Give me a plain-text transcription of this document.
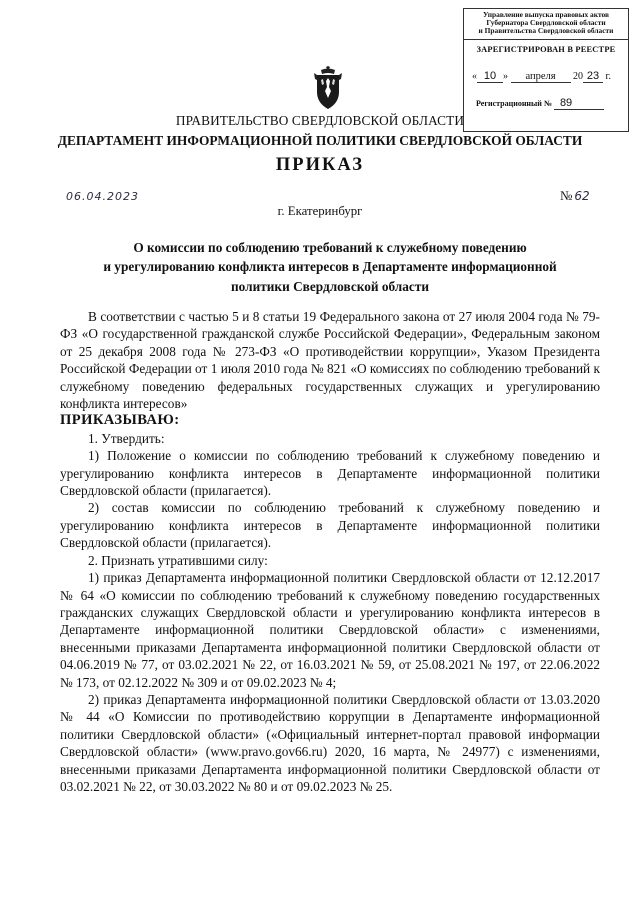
Управление выпуска правовых актов
Губернатора Свердловской области
и Правительства Свердловской области
ЗАРЕГИСТРИРОВАН В РЕЕСТРЕ
« 10 » апреля 20 23 г.
Регистрационный № 89
ПРАВИТЕЛЬСТВО СВЕРДЛОВСКОЙ ОБЛАСТИ
ДЕПАРТАМЕНТ ИНФОРМАЦИОННОЙ ПОЛИТИКИ СВЕРДЛОВСКОЙ ОБЛАСТИ
ПРИКАЗ
06.04.2023	№ 62
г. Екатеринбург
О комиссии по соблюдению требований к служебному поведению
и урегулированию конфликта интересов в Департаменте информационной
политики Свердловской области

В соответствии с частью 5 и 8 статьи 19 Федерального закона от 27 июля 2004 года № 79-ФЗ «О государственной гражданской службе Российской Федерации», Федеральным законом от 25 декабря 2008 года № 273-ФЗ «О противодействии коррупции», Указом Президента Российской Федерации от 1 июля 2010 года № 821 «О комиссиях по соблюдению требований к служебному поведению федеральных государственных служащих и урегулированию конфликта интересов»

ПРИКАЗЫВАЮ:

1. Утвердить:

1) Положение о комиссии по соблюдению требований к служебному поведению и урегулированию конфликта интересов в Департаменте информационной политики Свердловской области (прилагается).

2) состав комиссии по соблюдению требований к служебному поведению и урегулированию конфликта интересов в Департаменте информационной политики Свердловской области (прилагается).

2. Признать утратившими силу:

1) приказ Департамента информационной политики Свердловской области от 12.12.2017 № 64 «О комиссии по соблюдению требований к служебному поведению государственных гражданских служащих Свердловской области и урегулированию конфликта интересов в Департаменте информационной политики Свердловской области» с изменениями, внесенными приказами Департамента информационной политики Свердловской области от 04.06.2019 № 77, от 03.02.2021 № 22, от 16.03.2021 № 59, от 25.08.2021 № 197, от 22.06.2022 № 173, от 02.12.2022 № 309 и от 09.02.2023 № 4;

2) приказ Департамента информационной политики Свердловской области от 13.03.2020 № 44 «О Комиссии по противодействию коррупции в Департаменте информационной политики Свердловской области» («Официальный интернет-портал правовой информации Свердловской области» (www.pravo.gov66.ru) 2020, 16 марта, № 24977) с изменениями, внесенными приказами Департамента информационной политики Свердловской области от 03.02.2021 № 22, от 30.03.2022 № 80 и от 09.02.2023 № 25.
